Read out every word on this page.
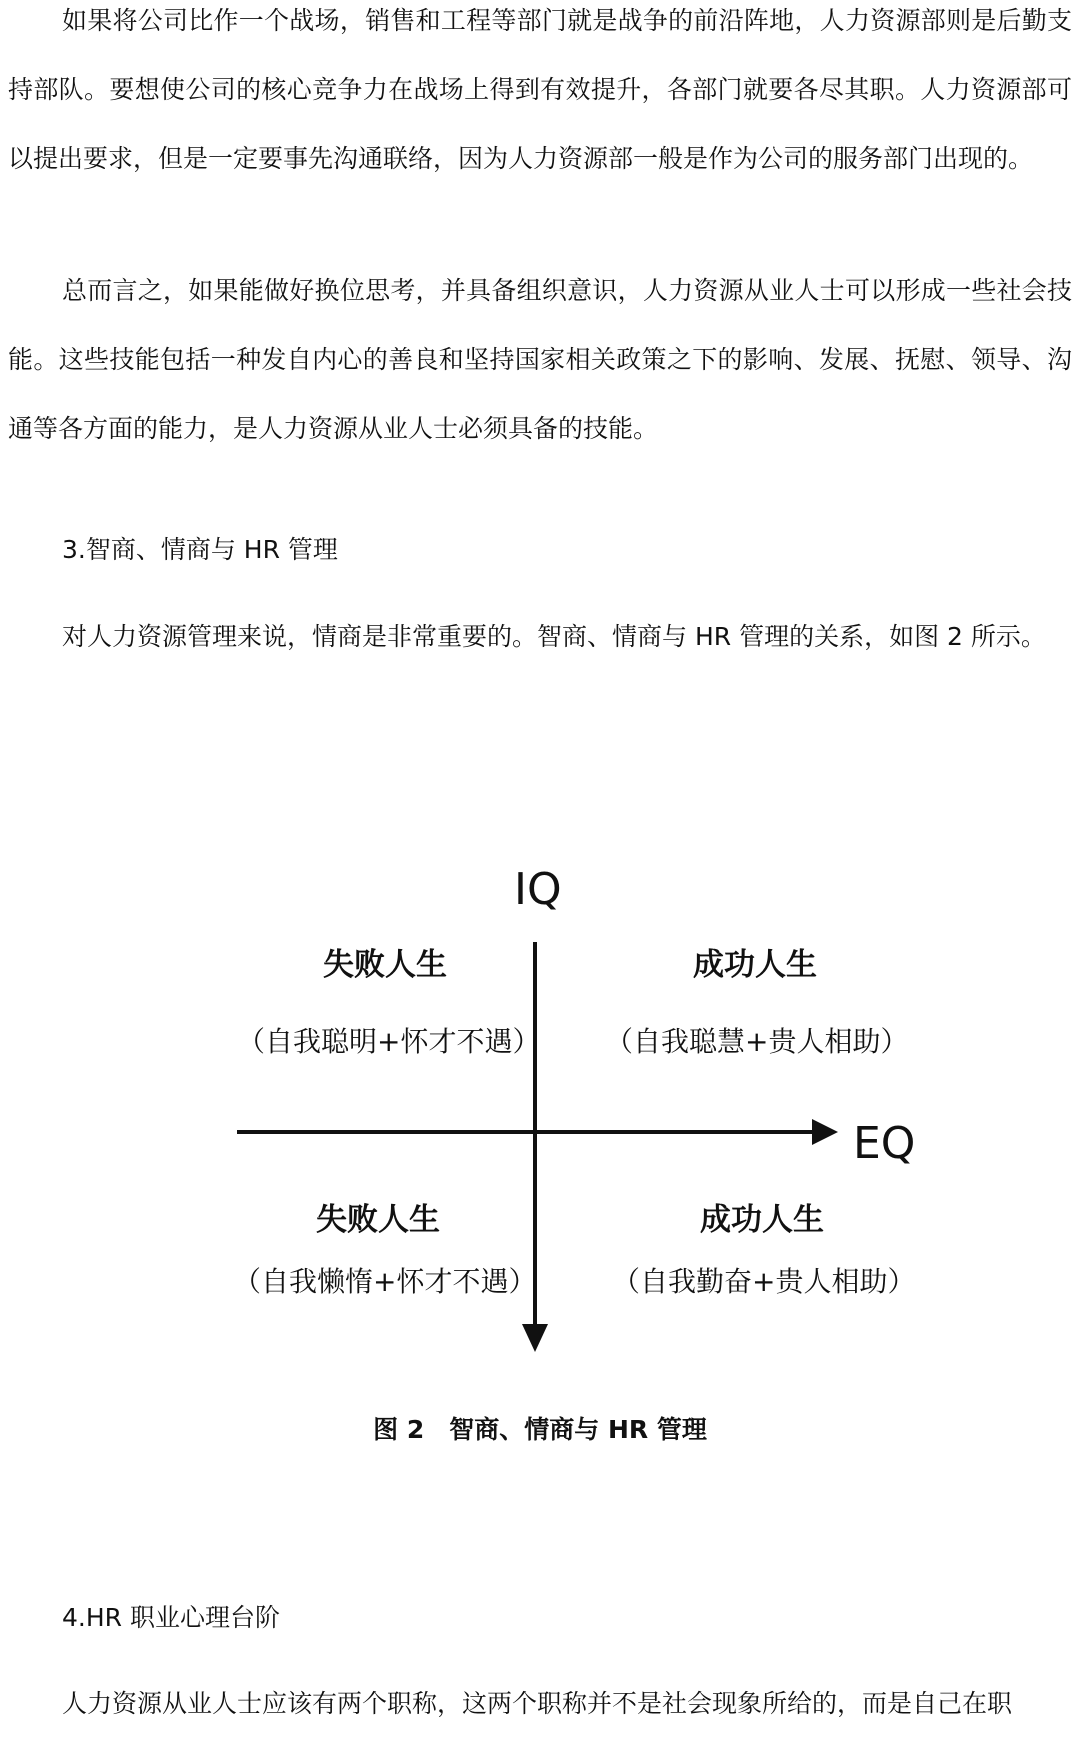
如果将公司比作一个战场，销售和工程等部门就是战争的前沿阵地，人力资源部则是后勤支持部队。要想使公司的核心竞争力在战场上得到有效提升，各部门就要各尽其职。人力资源部可以提出要求，但是一定要事先沟通联络，因为人力资源部一般是作为公司的服务部门出现的。

总而言之，如果能做好换位思考，并具备组织意识，人力资源从业人士可以形成一些社会技能。这些技能包括一种发自内心的善良和坚持国家相关政策之下的影响、发展、抚慰、领导、沟通等各方面的能力，是人力资源从业人士必须具备的技能。

3.智商、情商与 HR 管理

对人力资源管理来说，情商是非常重要的。智商、情商与 HR 管理的关系，如图 2 所示。

IQ
EQ
失败人生
（自我聪明+怀才不遇）
成功人生
（自我聪慧+贵人相助）
失败人生
（自我懒惰+怀才不遇）
成功人生
（自我勤奋+贵人相助）
图 2　智商、情商与 HR 管理
4.HR 职业心理台阶

人力资源从业人士应该有两个职称，这两个职称并不是社会现象所给的，而是自己在职
